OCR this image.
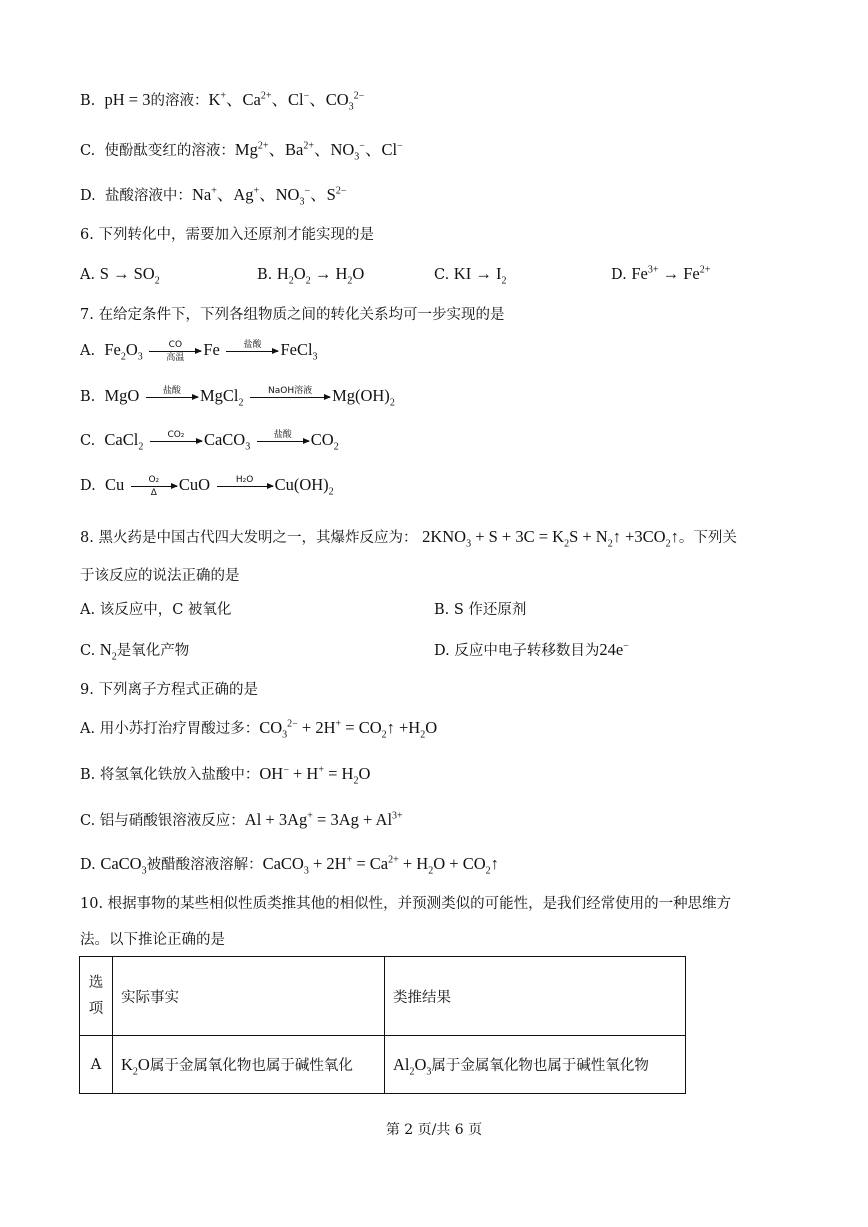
B. pH = 3的溶液：K+、$Ca^{2+}$、Cl−、$CO_3^{2-}$
C. 使酚酞变红的溶液：$Mg^{2+}$、$Ba^{2+}$、$NO_3^-$、Cl−
D. 盐酸溶液中：Na+、Ag+、$NO_3^-$、$S^{2-}$
6. 下列转化中，需要加入还原剂才能实现的是
A. $S \to SO_2$	B. $H_2O_2 \to H_2O$	C. KI → $I_2$	D. $Fe^{3+} \to Fe^{2+}$
7. 在给定条件下，下列各组物质之间的转化关系均可一步实现的是
A. $Fe_2O_3$
CO
高温	Fe	盐酸	FeCl$_3$
B. MgO	盐酸	MgCl$_2$
NaOH溶液	$Mg(OH)_2$
C. CaCl$_2$
CO₂	CaCO$_3$
盐酸	$CO_2$
D. Cu $\frac{\text{O₂}}{\Delta}$ CuO	H₂O	$Cu(OH)_2$
8. 黑火药是中国古代四大发明之一，其爆炸反应为： $2KNO_3 + S + 3C = K_2S$ + $N_2↑$ $+3CO_2↑$。下列关
于该反应的说法正确的是
A. 该反应中，C 被氧化	B. S 作还原剂
C. $N_2$是氧化产物	D. 反应中电子转移数目为24e−
9. 下列离子方程式正确的是
A. 用小苏打治疗胃酸过多：$CO_3^{2-} + 2H^+$ = $CO_2↑ +H_2O$
B. 将氢氧化铁放入盐酸中：$OH^- + H^+ = H_2O$
C. 铝与硝酸银溶液反应：$Al + 3Ag^+ = 3Ag + Al^{3+}$
D. CaCO$_3$被醋酸溶液溶解：CaCO$_3$ + $2H^+ = Ca^{2+} + H_2O$ + $CO_2↑$
10. 根据事物的某些相似性质类推其他的相似性，并预测类似的可能性，是我们经常使用的一种思维方
法。以下推论正确的是
选
项	实际事实	类推结果
A	$K_2O$属于金属氧化物也属于碱性氧化	$Al_2O_3$属于金属氧化物也属于碱性氧化物
第 2 页/共 6 页
